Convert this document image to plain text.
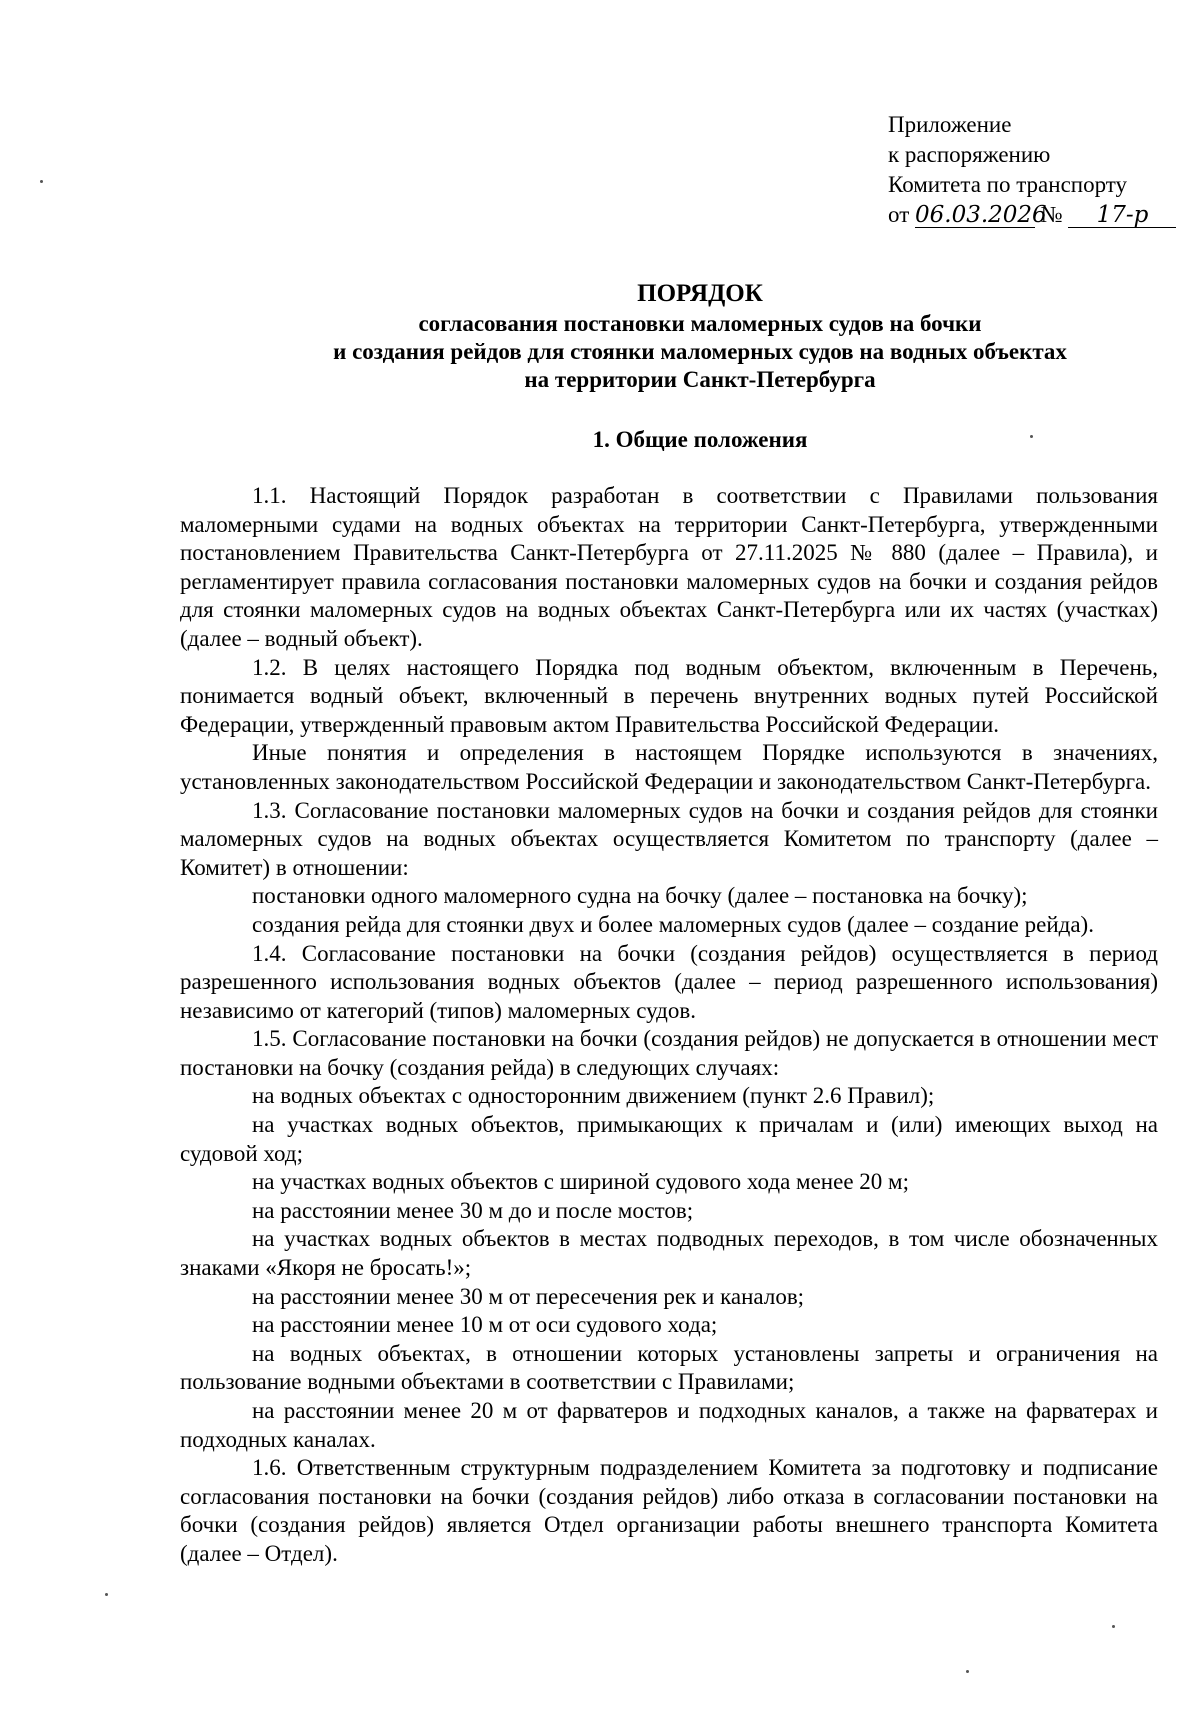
Приложение
к распоряжению
Комитета по транспорту
от 06.03.2026 № 17-р
ПОРЯДОК
согласования постановки маломерных судов на бочки
и создания рейдов для стоянки маломерных судов на водных объектах
на территории Санкт-Петербурга
1. Общие положения

1.1. Настоящий Порядок разработан в соответствии с Правилами пользования маломерными судами на водных объектах на территории Санкт-Петербурга, утвержденными постановлением Правительства Санкт-Петербурга от 27.11.2025 № 880 (далее – Правила), и регламентирует правила согласования постановки маломерных судов на бочки и создания рейдов для стоянки маломерных судов на водных объектах Санкт-Петербурга или их частях (участках) (далее – водный объект).

1.2. В целях настоящего Порядка под водным объектом, включенным в Перечень, понимается водный объект, включенный в перечень внутренних водных путей Российской Федерации, утвержденный правовым актом Правительства Российской Федерации.

Иные понятия и определения в настоящем Порядке используются в значениях, установленных законодательством Российской Федерации и законодательством Санкт-Петербурга.

1.3. Согласование постановки маломерных судов на бочки и создания рейдов для стоянки маломерных судов на водных объектах осуществляется Комитетом по транспорту (далее – Комитет) в отношении:

постановки одного маломерного судна на бочку (далее – постановка на бочку);

создания рейда для стоянки двух и более маломерных судов (далее – создание рейда).

1.4. Согласование постановки на бочки (создания рейдов) осуществляется в период разрешенного использования водных объектов (далее – период разрешенного использования) независимо от категорий (типов) маломерных судов.

1.5. Согласование постановки на бочки (создания рейдов) не допускается в отношении мест постановки на бочку (создания рейда) в следующих случаях:

на водных объектах с односторонним движением (пункт 2.6 Правил);

на участках водных объектов, примыкающих к причалам и (или) имеющих выход на судовой ход;

на участках водных объектов с шириной судового хода менее 20 м;

на расстоянии менее 30 м до и после мостов;

на участках водных объектов в местах подводных переходов, в том числе обозначенных знаками «Якоря не бросать!»;

на расстоянии менее 30 м от пересечения рек и каналов;

на расстоянии менее 10 м от оси судового хода;

на водных объектах, в отношении которых установлены запреты и ограничения на пользование водными объектами в соответствии с Правилами;

на расстоянии менее 20 м от фарватеров и подходных каналов, а также на фарватерах и подходных каналах.

1.6. Ответственным структурным подразделением Комитета за подготовку и подписание согласования постановки на бочки (создания рейдов) либо отказа в согласовании постановки на бочки (создания рейдов) является Отдел организации работы внешнего транспорта Комитета (далее – Отдел).
